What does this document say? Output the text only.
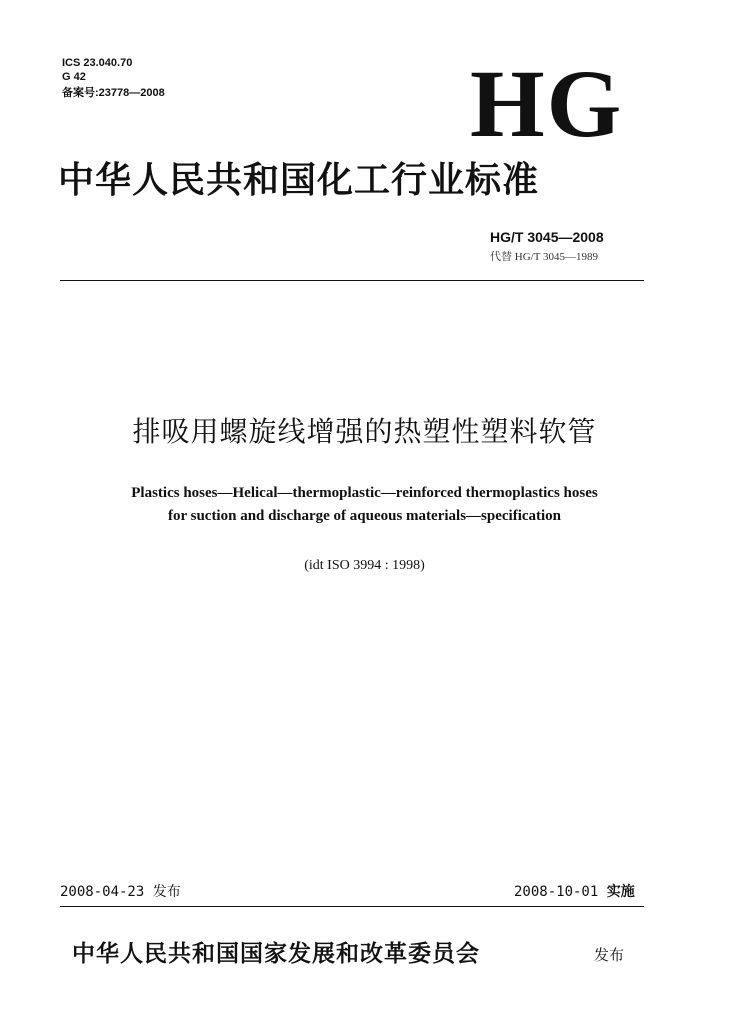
ICS 23.040.70
G 42
备案号:23778—2008	HG
中华人民共和国化工行业标准
HG/T 3045—2008
代替 HG/T 3045—1989
排吸用螺旋线增强的热塑性塑料软管
Plastics hoses—Helical—thermoplastic—reinforced thermoplastics hoses
for suction and discharge of aqueous materials—specification
(idt ISO 3994 : 1998)
2008-04-23 发布	2008-10-01 实施
中华人民共和国国家发展和改革委员会	发布
